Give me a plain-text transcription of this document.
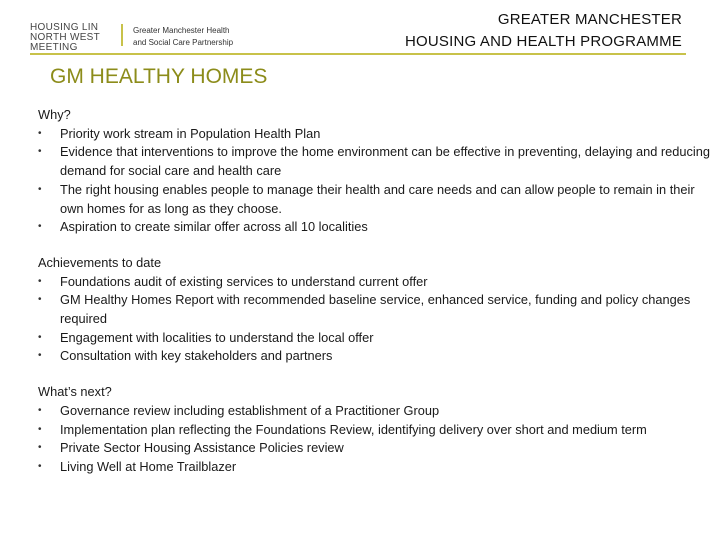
HOUSING LIN
NORTH WEST
MEETING
Greater Manchester Health
and Social Care Partnership
GREATER MANCHESTER
HOUSING AND HEALTH PROGRAMME
GM HEALTHY HOMES
Why?
• Priority work stream in Population Health Plan
• Evidence that interventions to improve the home environment can be effective in preventing, delaying and reducing demand for social care and health care
• The right housing enables people to manage their health and care needs and can allow people to remain in their own homes for as long as they choose.
• Aspiration to create similar offer across all 10 localities
Achievements to date
• Foundations audit of existing services to understand current offer
• GM Healthy Homes Report with recommended baseline service, enhanced service, funding and policy changes required
• Engagement with localities to understand the local offer
• Consultation with key stakeholders and partners
What’s next?
• Governance review including establishment of a Practitioner Group
• Implementation plan reflecting the Foundations Review, identifying delivery over short and medium term
• Private Sector Housing Assistance Policies review
• Living Well at Home Trailblazer
